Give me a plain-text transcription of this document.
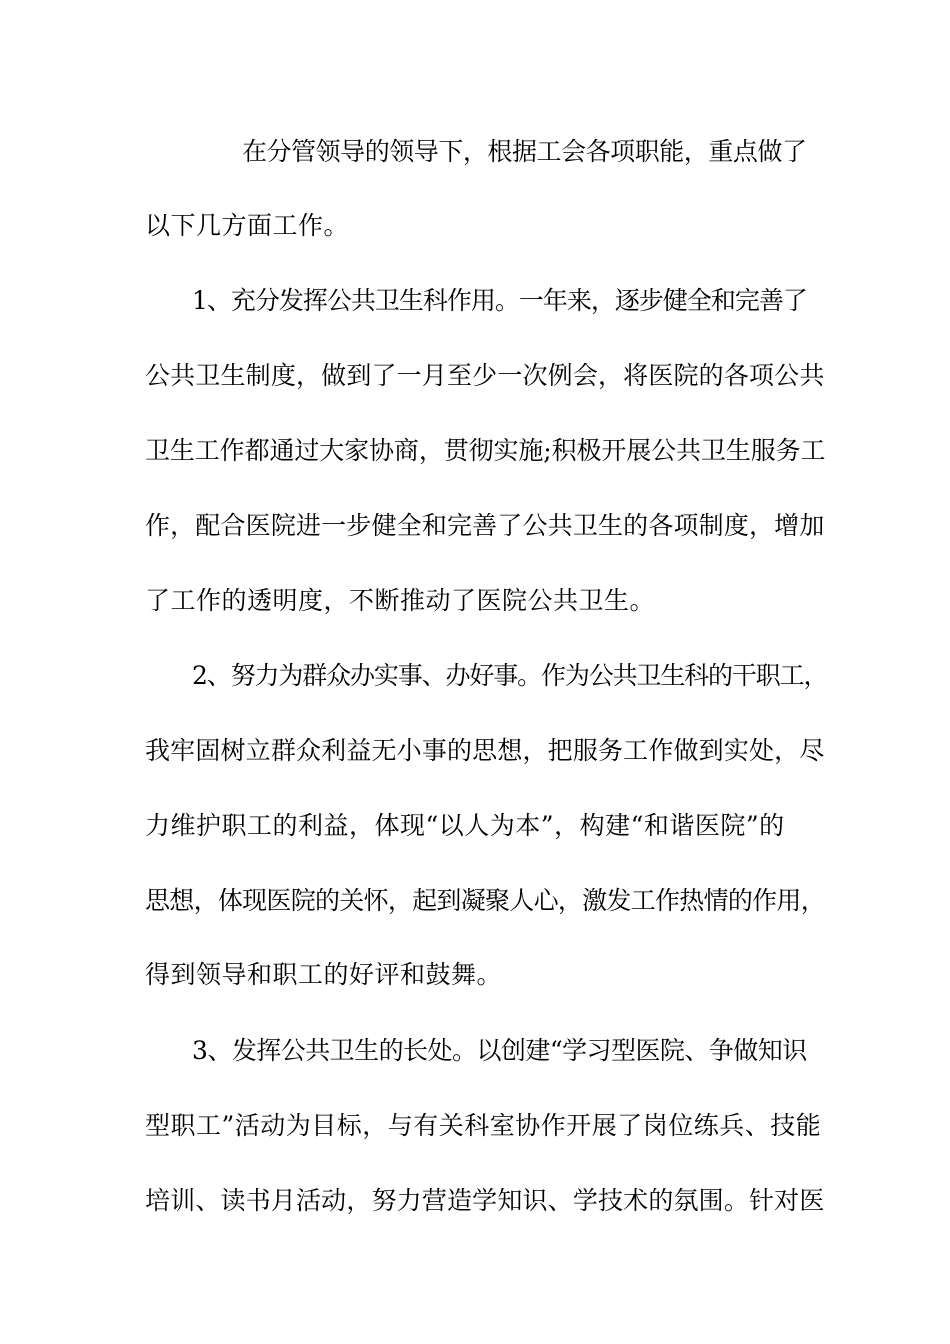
在分管领导的领导下，根据工会各项职能，重点做了
以下几方面工作。
1、充分发挥公共卫生科作用。一年来，逐步健全和完善了
公共卫生制度，做到了一月至少一次例会，将医院的各项公共
卫生工作都通过大家协商，贯彻实施;积极开展公共卫生服务工
作，配合医院进一步健全和完善了公共卫生的各项制度，增加
了工作的透明度，不断推动了医院公共卫生。
2、努力为群众办实事、办好事。作为公共卫生科的干职工，
我牢固树立群众利益无小事的思想，把服务工作做到实处，尽
力维护职工的利益，体现“以人为本”，构建“和谐医院”的
思想，体现医院的关怀，起到凝聚人心，激发工作热情的作用，
得到领导和职工的好评和鼓舞。
3、发挥公共卫生的长处。以创建“学习型医院、争做知识
型职工”活动为目标，与有关科室协作开展了岗位练兵、技能
培训、读书月活动，努力营造学知识、学技术的氛围。针对医
